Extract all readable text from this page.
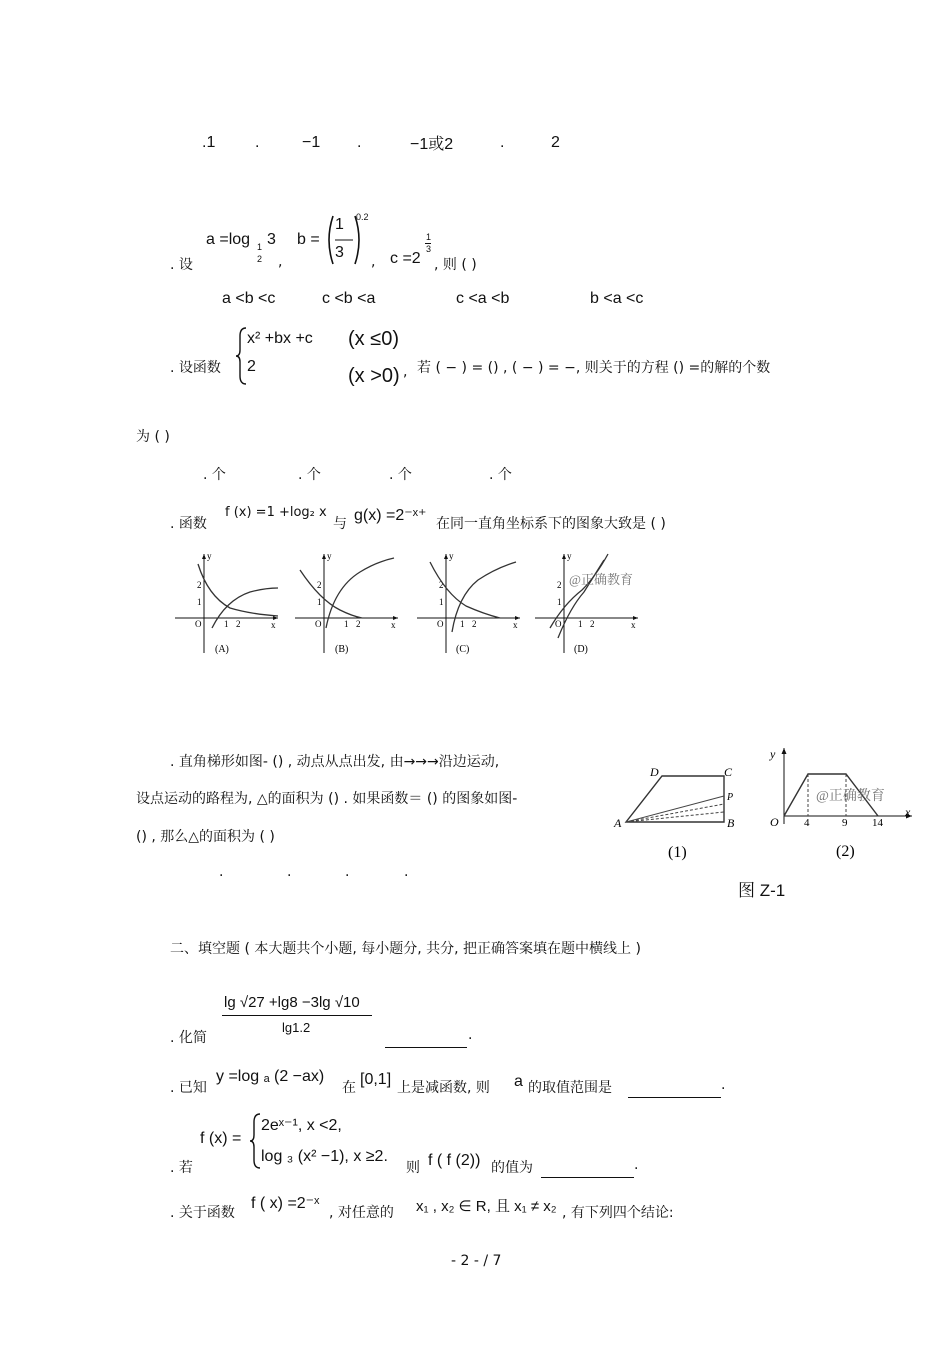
.1 .	−1 .	−1或2	.	2
. 设
a =log 1
2
3
,
b =
1
3
0.2
, c =2
1
3
, 则 ( )
a <b <c	c <b <a	c <a <b	b <a <c
. 设函数
x² +bx +c (x ≤0)
2	(x >0) , 若 ( − ) = () , ( − ) = −, 则关于的方程 () =的解的个数
为 ( )
. 个	. 个	. 个	. 个
. 函数
f (x) =1 +log₂ x
与 g(x) =2⁻ˣ⁺ 在同一直角坐标系下的图象大致是 ( )
y
x
O	1 2
1
2
(A)
y
x
O	1 2
1
2
(B)
y
x
O 1 2
1
2
(C)
y
x
O 1 2
1
2 @正确教育
(D)
. 直角梯形如图- () , 动点从点出发, 由→→→沿边运动,
设点运动的路程为, △的面积为 () . 如果函数＝ () 的图象如图-
() , 那么△的面积为 ( )
.	.	.	.
A	B
C
D
P
(1)
y
x
O 4	9 14
@正确教育
(2)
图 Z-1
二、填空题 ( 本大题共个小题, 每小题分, 共分, 把正确答案填在题中横线上 )
. 化简
lg √27 +lg8 −3lg √10
lg1.2	.
. 已知
y =log ₐ (2 −ax)
在 [0,1] 上是减函数, 则 a 的取值范围是	.
. 若
f (x) =
2eˣ⁻¹, x <2,
log ₃ (x² −1), x ≥2.
则 f ( f (2)) 的值为	.
. 关于函数
f ( x) =2⁻ˣ
, 对任意的 x₁ , x₂ ∈ R, 且 x₁ ≠ x₂ , 有下列四个结论:
- 2 - / 7
